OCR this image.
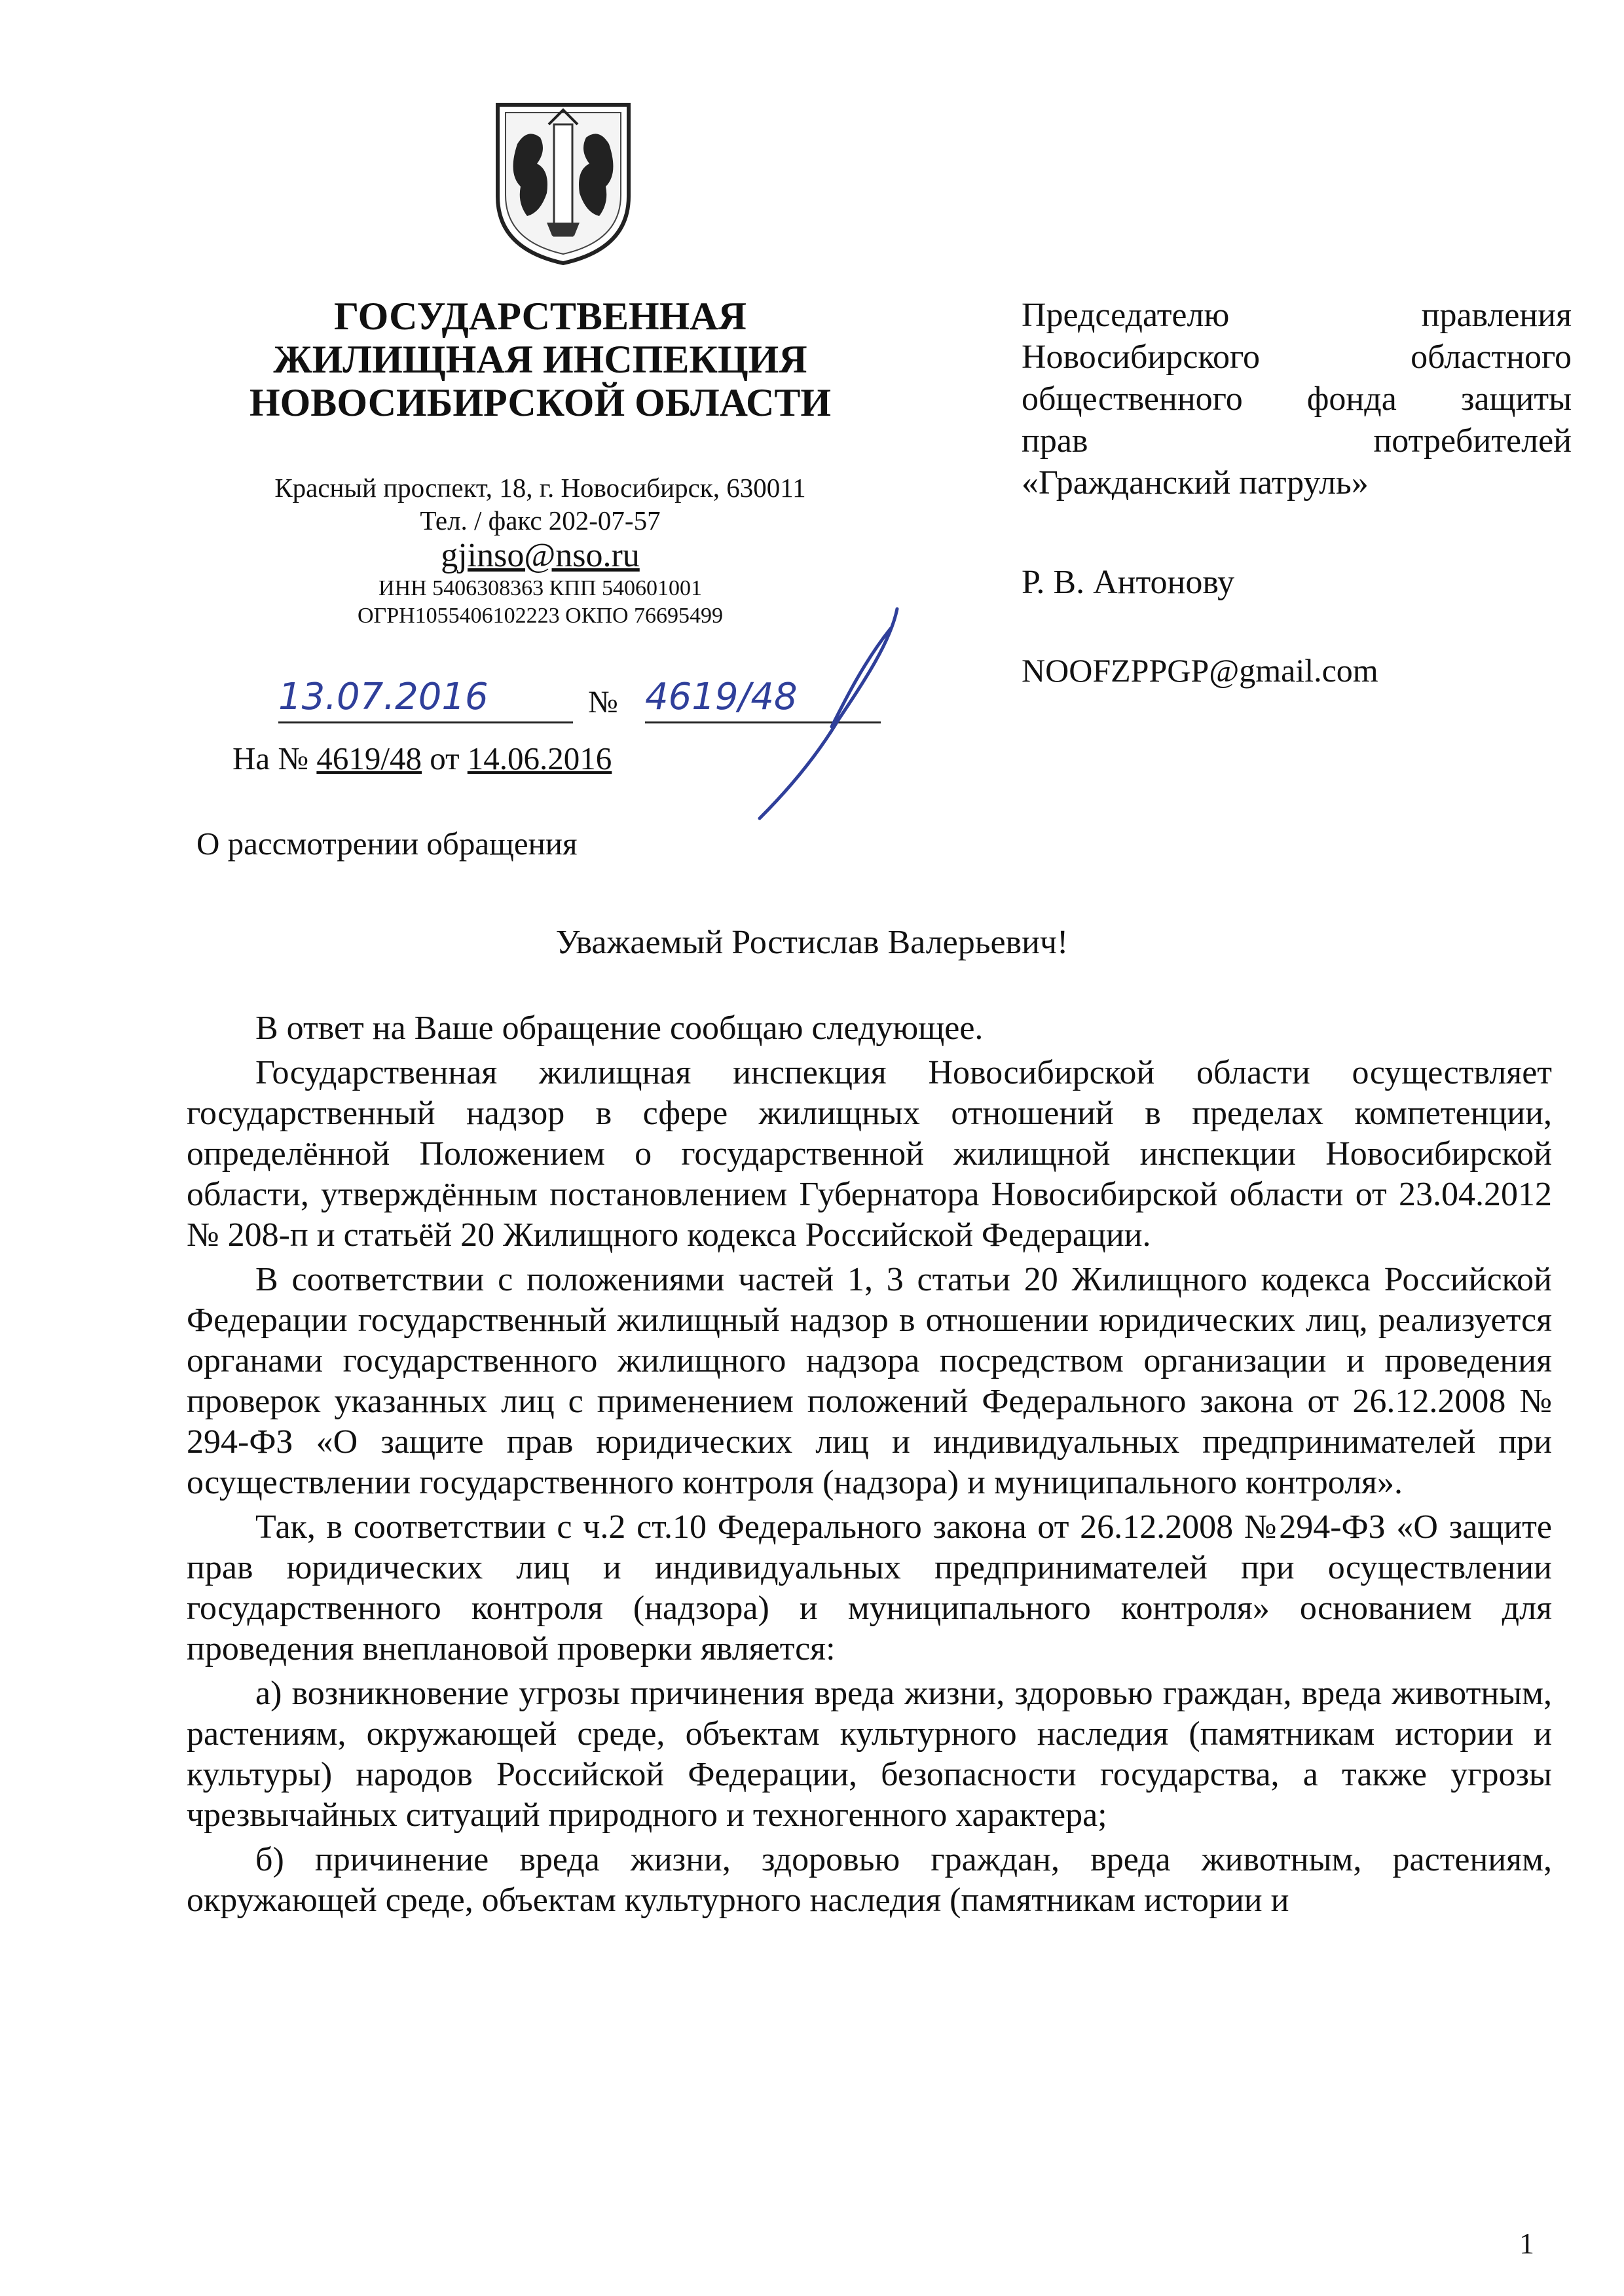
ГОСУДАРСТВЕННАЯ
ЖИЛИЩНАЯ ИНСПЕКЦИЯ
НОВОСИБИРСКОЙ ОБЛАСТИ
Красный проспект, 18, г. Новосибирск, 630011
Тел. / факс 202-07-57
gjinso@nso.ru
ИНН 5406308363 КПП 540601001
ОГРН1055406102223 ОКПО 76695499
13.07.2016	№ 4619/48
На № 4619/48 от 14.06.2016
О рассмотрении обращения
Председателю правления
Новосибирского областного
общественного фонда защиты
прав потребителей
«Гражданский патруль»
Р. В. Антонову
NOOFZPPGP@gmail.com
Уважаемый Ростислав Валерьевич!

В ответ на Ваше обращение сообщаю следующее.

Государственная жилищная инспекция Новосибирской области осуществляет государственный надзор в сфере жилищных отношений в пределах компетенции, определённой Положением о государственной жилищной инспекции Новосибирской области, утверждённым постановлением Губернатора Новосибирской области от 23.04.2012 № 208-п и статьёй 20 Жилищного кодекса Российской Федерации.

В соответствии с положениями частей 1, 3 статьи 20 Жилищного кодекса Российской Федерации государственный жилищный надзор в отношении юридических лиц, реализуется органами государственного жилищного надзора посредством организации и проведения проверок указанных лиц с применением положений Федерального закона от 26.12.2008 № 294-ФЗ «О защите прав юридических лиц и индивидуальных предпринимателей при осуществлении государственного контроля (надзора) и муниципального контроля».

Так, в соответствии с ч.2 ст.10 Федерального закона от 26.12.2008 №294-ФЗ «О защите прав юридических лиц и индивидуальных предпринимателей при осуществлении государственного контроля (надзора) и муниципального контроля» основанием для проведения внеплановой проверки является:

а) возникновение угрозы причинения вреда жизни, здоровью граждан, вреда животным, растениям, окружающей среде, объектам культурного наследия (памятникам истории и культуры) народов Российской Федерации, безопасности государства, а также угрозы чрезвычайных ситуаций природного и техногенного характера;

б) причинение вреда жизни, здоровью граждан, вреда животным, растениям, окружающей среде, объектам культурного наследия (памятникам истории и

1
